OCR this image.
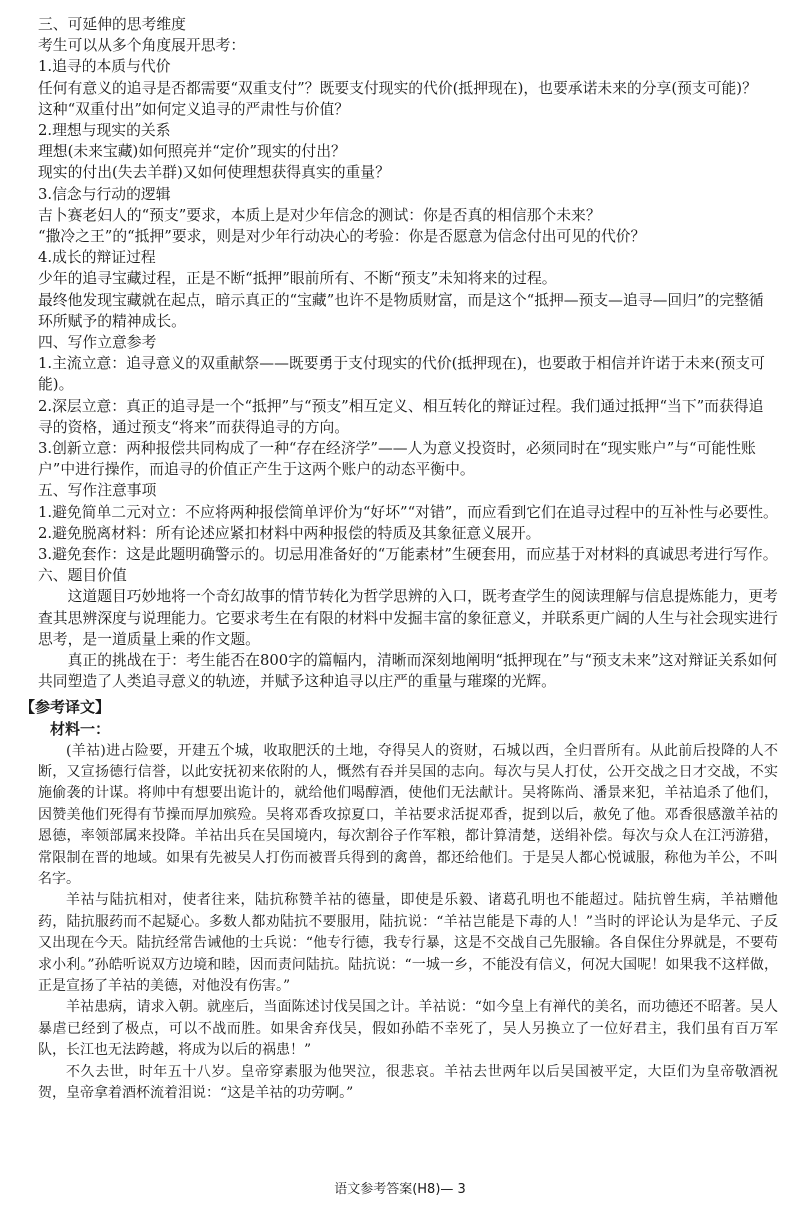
三、可延伸的思考维度

考生可以从多个角度展开思考：

1.追寻的本质与代价

任何有意义的追寻是否都需要“双重支付”？既要支付现实的代价(抵押现在)，也要承诺未来的分享(预支可能)？

这种“双重付出”如何定义追寻的严肃性与价值？

2.理想与现实的关系

理想(未来宝藏)如何照亮并“定价”现实的付出？

现实的付出(失去羊群)又如何使理想获得真实的重量？

3.信念与行动的逻辑

吉卜赛老妇人的“预支”要求，本质上是对少年信念的测试：你是否真的相信那个未来？

“撒冷之王”的“抵押”要求，则是对少年行动决心的考验：你是否愿意为信念付出可见的代价？

4.成长的辩证过程

少年的追寻宝藏过程，正是不断“抵押”眼前所有、不断“预支”未知将来的过程。

最终他发现宝藏就在起点，暗示真正的“宝藏”也许不是物质财富，而是这个“抵押—预支—追寻—回归”的完整循环所赋予的精神成长。

四、写作立意参考

1.主流立意：追寻意义的双重献祭——既要勇于支付现实的代价(抵押现在)，也要敢于相信并许诺于未来(预支可能)。

2.深层立意：真正的追寻是一个“抵押”与“预支”相互定义、相互转化的辩证过程。我们通过抵押“当下”而获得追寻的资格，通过预支“将来”而获得追寻的方向。

3.创新立意：两种报偿共同构成了一种“存在经济学”——人为意义投资时，必须同时在“现实账户”与“可能性账户”中进行操作，而追寻的价值正产生于这两个账户的动态平衡中。

五、写作注意事项

1.避免简单二元对立：不应将两种报偿简单评价为“好坏”“对错”，而应看到它们在追寻过程中的互补性与必要性。

2.避免脱离材料：所有论述应紧扣材料中两种报偿的特质及其象征意义展开。

3.避免套作：这是此题明确警示的。切忌用准备好的“万能素材”生硬套用，而应基于对材料的真诚思考进行写作。

六、题目价值

这道题目巧妙地将一个奇幻故事的情节转化为哲学思辨的入口，既考查学生的阅读理解与信息提炼能力，更考查其思辨深度与说理能力。它要求考生在有限的材料中发掘丰富的象征意义，并联系更广阔的人生与社会现实进行思考，是一道质量上乘的作文题。

真正的挑战在于：考生能否在800字的篇幅内，清晰而深刻地阐明“抵押现在”与“预支未来”这对辩证关系如何共同塑造了人类追寻意义的轨迹，并赋予这种追寻以庄严的重量与璀璨的光辉。

【参考译文】
材料一：

(羊祜)进占险要，开建五个城，收取肥沃的土地，夺得吴人的资财，石城以西，全归晋所有。从此前后投降的人不断，又宣扬德行信誉，以此安抚初来依附的人，慨然有吞并吴国的志向。每次与吴人打仗，公开交战之日才交战，不实施偷袭的计谋。将帅中有想要出诡计的，就给他们喝醇酒，使他们无法献计。吴将陈尚、潘景来犯，羊祜追杀了他们，因赞美他们死得有节操而厚加殡殓。吴将邓香攻掠夏口，羊祜要求活捉邓香，捉到以后，赦免了他。邓香很感激羊祜的恩德，率领部属来投降。羊祜出兵在吴国境内，每次割谷子作军粮，都计算清楚，送绢补偿。每次与众人在江沔游猎，常限制在晋的地域。如果有先被吴人打伤而被晋兵得到的禽兽，都还给他们。于是吴人都心悦诚服，称他为羊公，不叫名字。

羊祜与陆抗相对，使者往来，陆抗称赞羊祜的德量，即使是乐毅、诸葛孔明也不能超过。陆抗曾生病，羊祜赠他药，陆抗服药而不起疑心。多数人都劝陆抗不要服用，陆抗说：“羊祜岂能是下毒的人！”当时的评论认为是华元、子反又出现在今天。陆抗经常告诫他的士兵说：“他专行德，我专行暴，这是不交战自己先服输。各自保住分界就是，不要苟求小利。”孙皓听说双方边境和睦，因而责问陆抗。陆抗说：“一城一乡，不能没有信义，何况大国呢！如果我不这样做，正是宣扬了羊祜的美德，对他没有伤害。”

羊祜患病，请求入朝。就座后，当面陈述讨伐吴国之计。羊祜说：“如今皇上有禅代的美名，而功德还不昭著。吴人暴虐已经到了极点，可以不战而胜。如果舍弃伐吴，假如孙皓不幸死了，吴人另换立了一位好君主，我们虽有百万军队，长江也无法跨越，将成为以后的祸患！”

不久去世，时年五十八岁。皇帝穿素服为他哭泣，很悲哀。羊祜去世两年以后吴国被平定，大臣们为皇帝敬酒祝贺，皇帝拿着酒杯流着泪说：“这是羊祜的功劳啊。”

语文参考答案(H8)— 3
